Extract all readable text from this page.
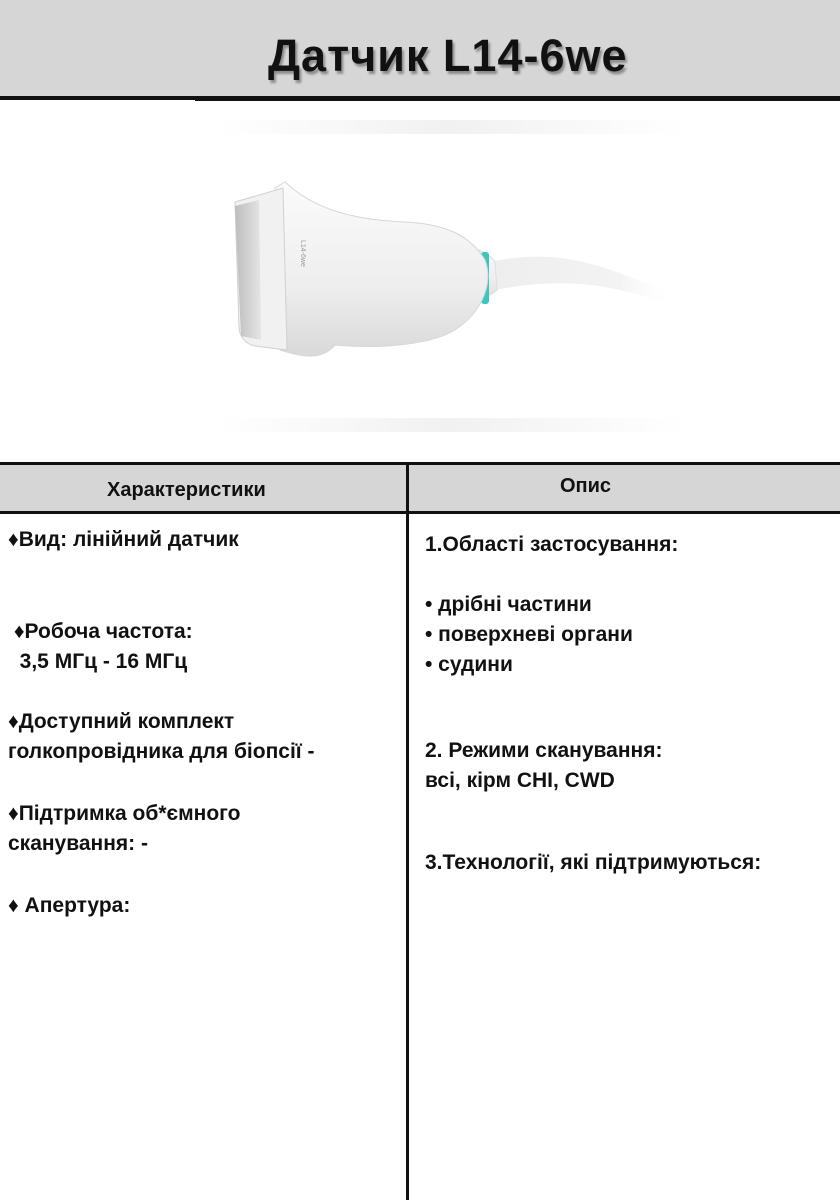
Датчик L14-6we
L14-6we
Характеристики	Опис
♦Вид: лінійний датчик
♦Робоча частота:
3,5 МГц - 16 МГц
♦Доступний комплект
голкопровідника для біопсії -
♦Підтримка об*ємного
сканування: -
♦ Апертура:
1.Області застосування:
• дрібні частини
• поверхневі органи
• судини
2. Режими сканування:
всі, кірм CHI, CWD
3.Технології, які підтримуються:
